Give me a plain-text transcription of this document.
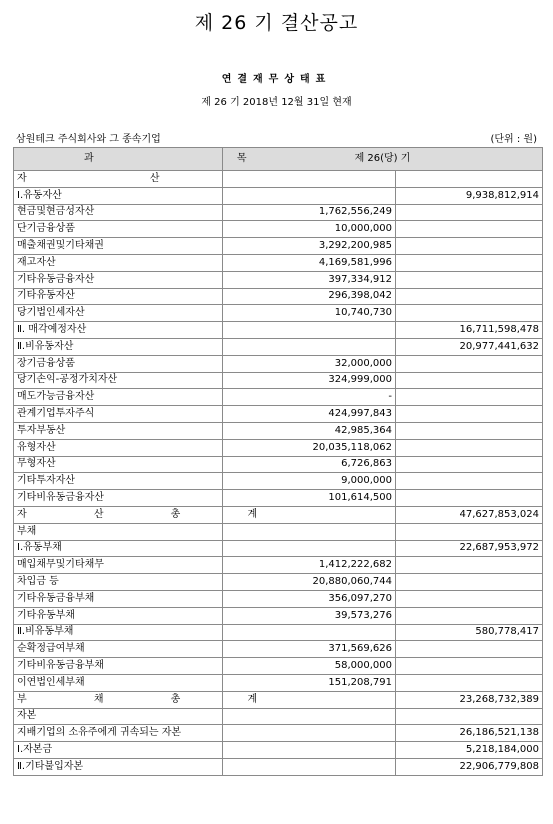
제 26 기 결산공고
연결재무상태표
제 26 기 2018년 12월 31일 현재
삼원테크 주식회사와 그 종속기업	(단위 : 원)
과 목	제 26(당) 기	
자 산		
Ⅰ.유동자산		9,938,812,914
현금및현금성자산	1,762,556,249	
단기금융상품	10,000,000	
매출채권및기타채권	3,292,200,985	
재고자산	4,169,581,996	
기타유동금융자산	397,334,912	
기타유동자산	296,398,042	
당기법인세자산	10,740,730	
Ⅱ. 매각예정자산		16,711,598,478
Ⅱ.비유동자산		20,977,441,632
장기금융상품	32,000,000	
당기손익-공정가치자산	324,999,000	
매도가능금융자산	-	
관계기업투자주식	424,997,843	
투자부동산	42,985,364	
유형자산	20,035,118,062	
무형자산	6,726,863	
기타투자자산	9,000,000	
기타비유동금융자산	101,614,500	
자 산 총 계		47,627,853,024
부채		
Ⅰ.유동부채		22,687,953,972
매입채무및기타채무	1,412,222,682	
차입금 등	20,880,060,744	
기타유동금융부채	356,097,270	
기타유동부채	39,573,276	
Ⅱ.비유동부채		580,778,417
순확정급여부채	371,569,626	
기타비유동금융부채	58,000,000	
이연법인세부채	151,208,791	
부 채 총 계		23,268,732,389
자본		
지배기업의 소유주에게 귀속되는 자본		26,186,521,138
Ⅰ.자본금		5,218,184,000
Ⅱ.기타불입자본		22,906,779,808
